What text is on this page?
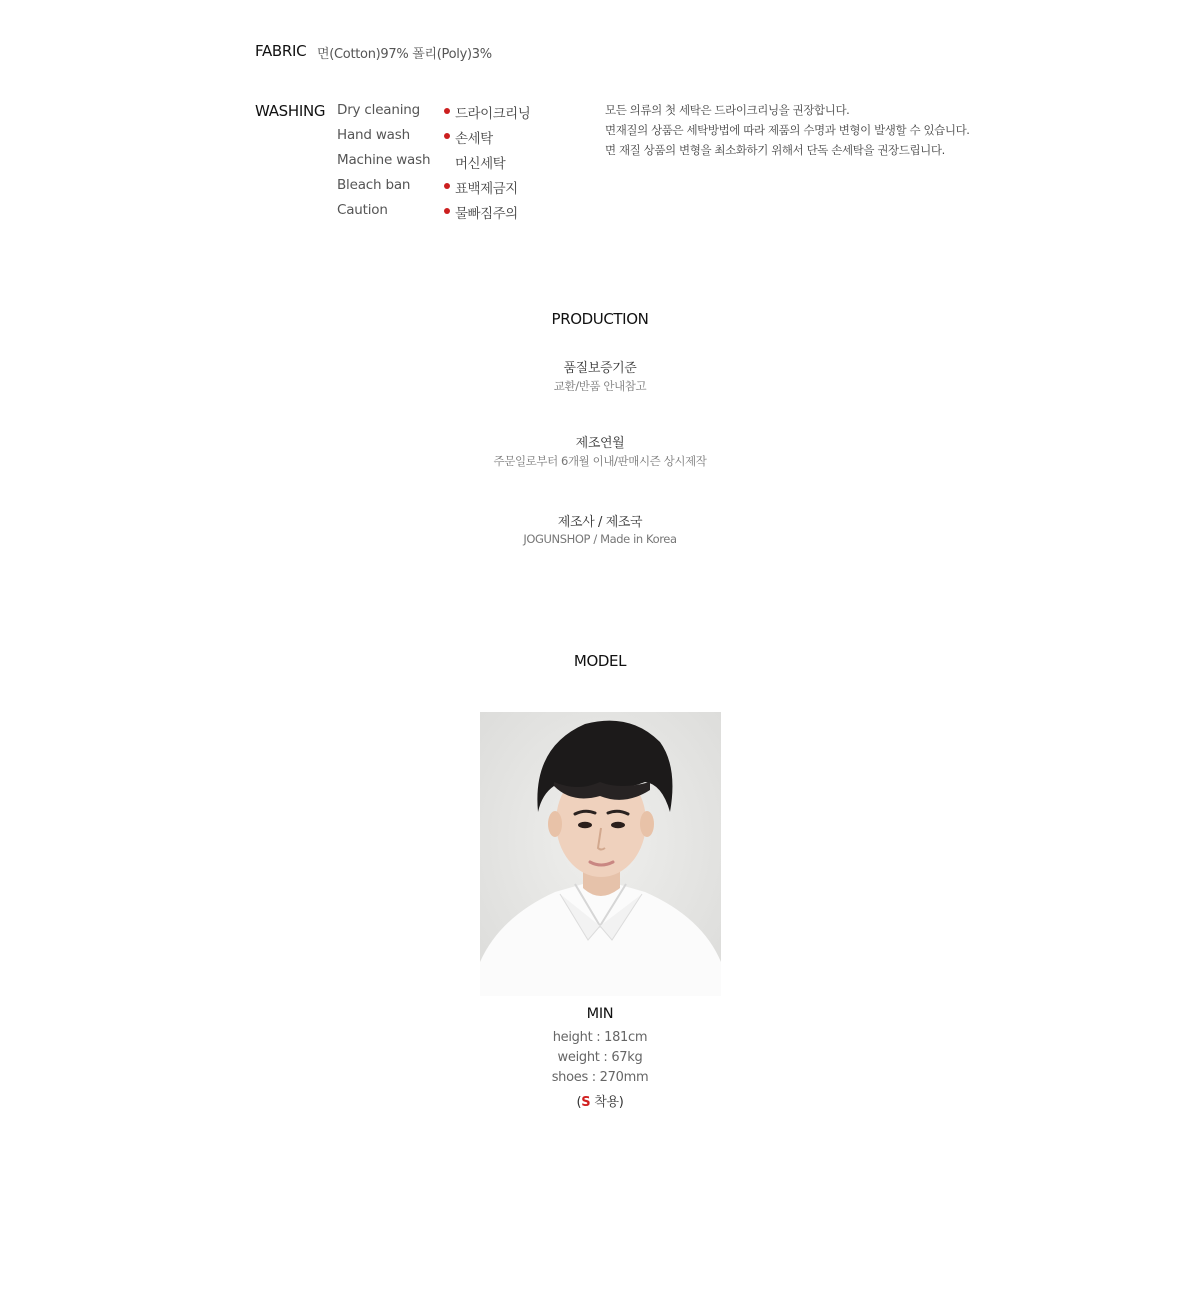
FABRIC 면(Cotton)97% 폴리(Poly)3%
WASHING Dry cleaning	드라이크리닝
Hand wash	손세탁
Machine wash 머신세탁
Bleach ban	표백제금지
Caution	물빠짐주의
모든 의류의 첫 세탁은 드라이크리닝을 권장합니다.
면재질의 상품은 세탁방법에 따라 제품의 수명과 변형이 발생할 수 있습니다.
면 재질 상품의 변형을 최소화하기 위해서 단독 손세탁을 권장드립니다.
PRODUCTION
품질보증기준
교환/반품 안내참고
제조연월
주문일로부터 6개월 이내/판매시즌 상시제작
제조사 / 제조국
JOGUNSHOP / Made in Korea
MODEL
MIN
height : 181cm
weight : 67kg
shoes : 270mm
(S 착용)
